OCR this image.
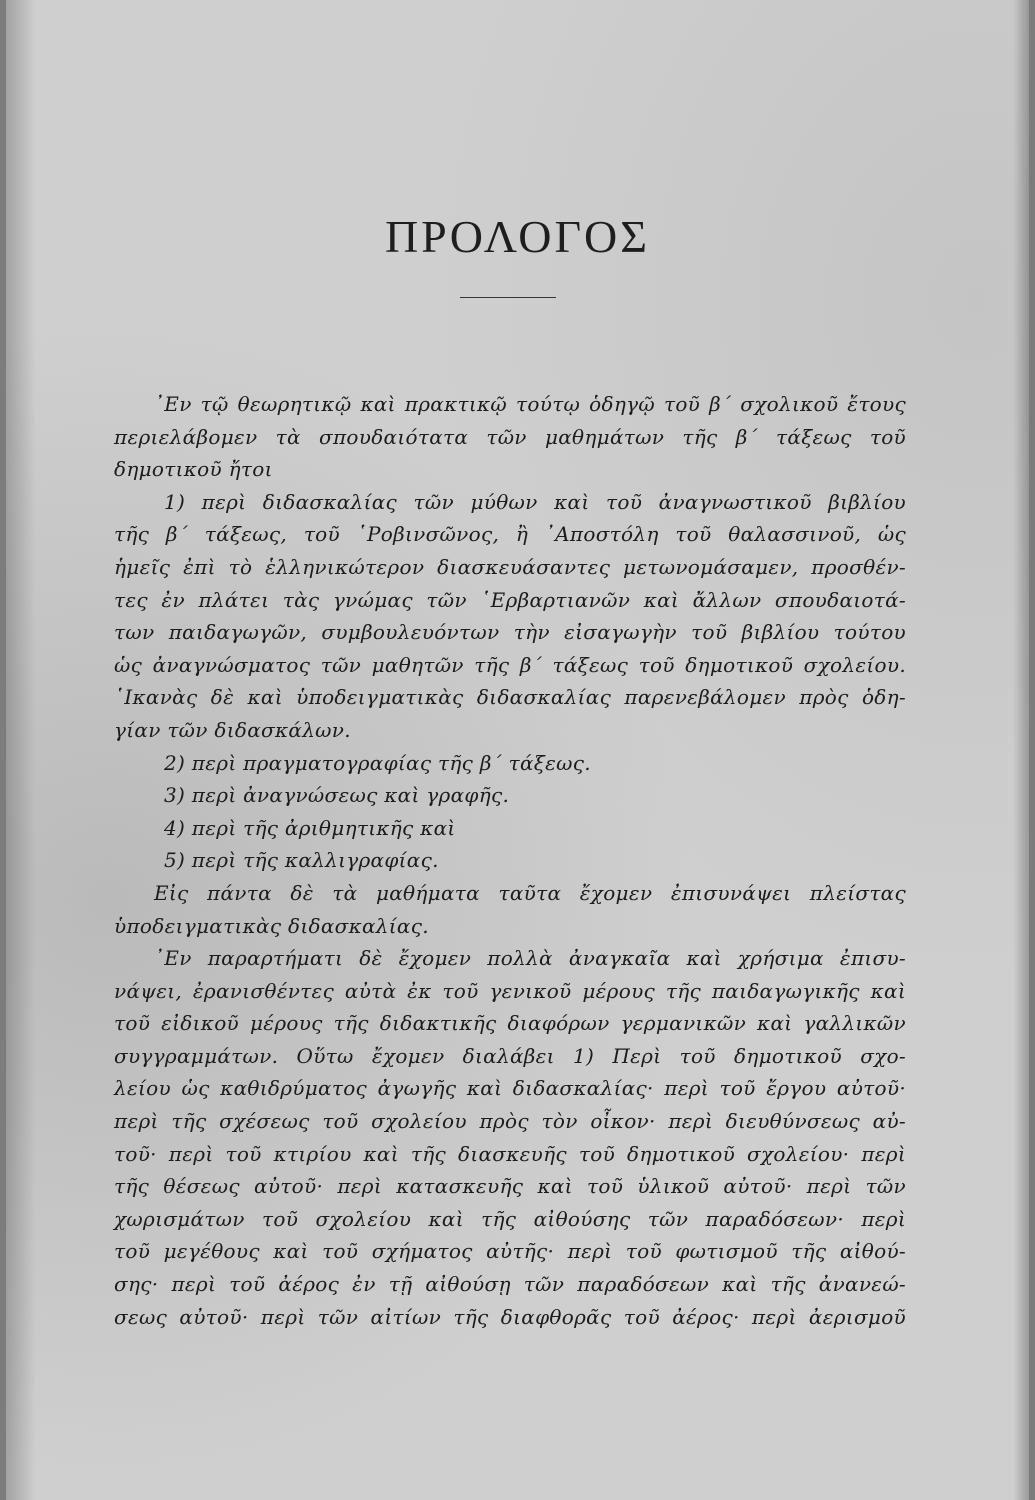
ΠΡΟΛΟΓΟΣ

᾿Εν τῷ θεωρητικῷ καὶ πρακτικῷ τούτῳ ὁδηγῷ τοῦ β΄ σχολικοῦ ἔτους

περιελάβομεν τὰ σπουδαιότατα τῶν μαθημάτων τῆς β΄ τάξεως τοῦ

δημοτικοῦ ἤτοι

1) περὶ διδασκαλίας τῶν μύθων καὶ τοῦ ἀναγνωστικοῦ βιβλίου

τῆς β΄ τάξεως, τοῦ ῾Ροβινσῶνος, ἢ ᾿Αποστόλη τοῦ θαλασσινοῦ, ὡς

ἡμεῖς ἐπὶ τὸ ἑλληνικώτερον διασκευάσαντες μετωνομάσαμεν, προσθέν-

τες ἐν πλάτει τὰς γνώμας τῶν ῾Ερβαρτιανῶν καὶ ἄλλων σπουδαιοτά-

των παιδαγωγῶν, συμβουλευόντων τὴν εἰσαγωγὴν τοῦ βιβλίου τούτου

ὡς ἀναγνώσματος τῶν μαθητῶν τῆς β΄ τάξεως τοῦ δημοτικοῦ σχολείου.

῾Ικανὰς δὲ καὶ ὑποδειγματικὰς διδασκαλίας παρενεβάλομεν πρὸς ὁδη-

γίαν τῶν διδασκάλων.

2) περὶ πραγματογραφίας τῆς β΄ τάξεως.

3) περὶ ἀναγνώσεως καὶ γραφῆς.

4) περὶ τῆς ἀριθμητικῆς καὶ

5) περὶ τῆς καλλιγραφίας.

Εἰς πάντα δὲ τὰ μαθήματα ταῦτα ἔχομεν ἐπισυνάψει πλείστας

ὑποδειγματικὰς διδασκαλίας.

᾿Εν παραρτήματι δὲ ἔχομεν πολλὰ ἀναγκαῖα καὶ χρήσιμα ἐπισυ-

νάψει, ἐρανισθέντες αὐτὰ ἐκ τοῦ γενικοῦ μέρους τῆς παιδαγωγικῆς καὶ

τοῦ εἰδικοῦ μέρους τῆς διδακτικῆς διαφόρων γερμανικῶν καὶ γαλλικῶν

συγγραμμάτων. Οὕτω ἔχομεν διαλάβει 1) Περὶ τοῦ δημοτικοῦ σχο-

λείου ὡς καθιδρύματος ἀγωγῆς καὶ διδασκαλίας· περὶ τοῦ ἔργου αὐτοῦ·

περὶ τῆς σχέσεως τοῦ σχολείου πρὸς τὸν οἶκον· περὶ διευθύνσεως αὐ-

τοῦ· περὶ τοῦ κτιρίου καὶ τῆς διασκευῆς τοῦ δημοτικοῦ σχολείου· περὶ

τῆς θέσεως αὐτοῦ· περὶ κατασκευῆς καὶ τοῦ ὑλικοῦ αὐτοῦ· περὶ τῶν

χωρισμάτων τοῦ σχολείου καὶ τῆς αἰθούσης τῶν παραδόσεων· περὶ

τοῦ μεγέθους καὶ τοῦ σχήματος αὐτῆς· περὶ τοῦ φωτισμοῦ τῆς αἰθού-

σης· περὶ τοῦ ἀέρος ἐν τῇ αἰθούσῃ τῶν παραδόσεων καὶ τῆς ἀνανεώ-

σεως αὐτοῦ· περὶ τῶν αἰτίων τῆς διαφθορᾶς τοῦ ἀέρος· περὶ ἀερισμοῦ
